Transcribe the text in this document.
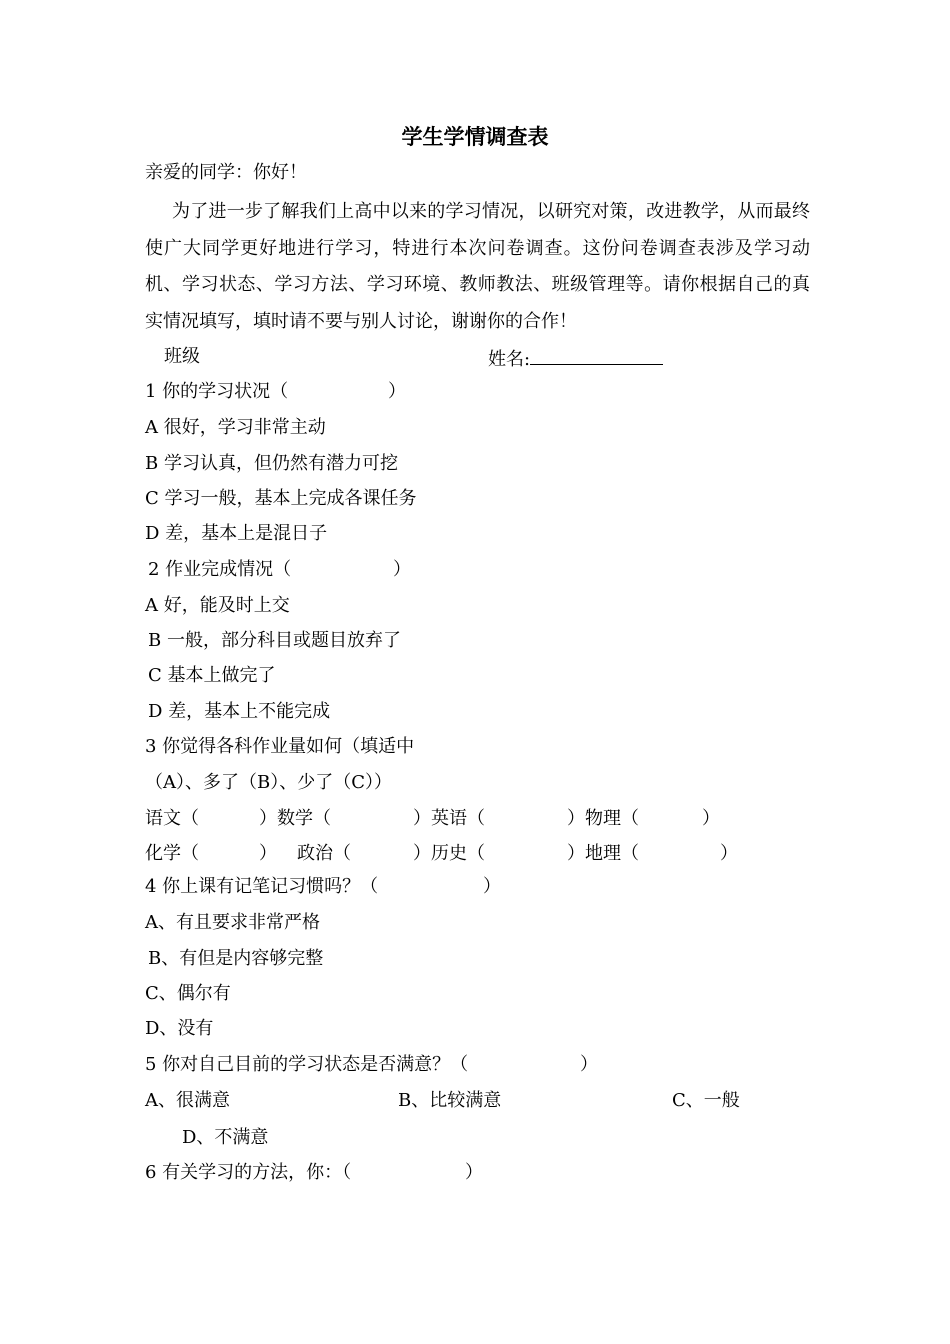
学生学情调查表
亲爱的同学：你好！
为了进一步了解我们上高中以来的学习情况，以研究对策，改进教学，从而最终使广大同学更好地进行学习，特进行本次问卷调查。这份问卷调查表涉及学习动机、学习状态、学习方法、学习环境、教师教法、班级管理等。请你根据自己的真实情况填写，填时请不要与别人讨论，谢谢你的合作！
班级	姓名:
1 你的学习状况（	）
A 很好，学习非常主动
B 学习认真，但仍然有潜力可挖
C 学习一般，基本上完成各课任务
D 差，基本上是混日子
2 作业完成情况（	）
A 好，能及时上交
B 一般，部分科目或题目放弃了
C 基本上做完了
D 差，基本上不能完成
3 你觉得各科作业量如何（填适中
（A）、多了（B）、少了（C））
语文（	）数学（	）英语（	）物理（	）
化学（	） 政治（	）历史（	）地理（	）
4 你上课有记笔记习惯吗？（	）
A、有且要求非常严格
B、有但是内容够完整
C、偶尔有
D、没有
5 你对自己目前的学习状态是否满意？（	）
A、很满意	B、比较满意	C、一般
D、不满意
6 有关学习的方法，你：（	）
